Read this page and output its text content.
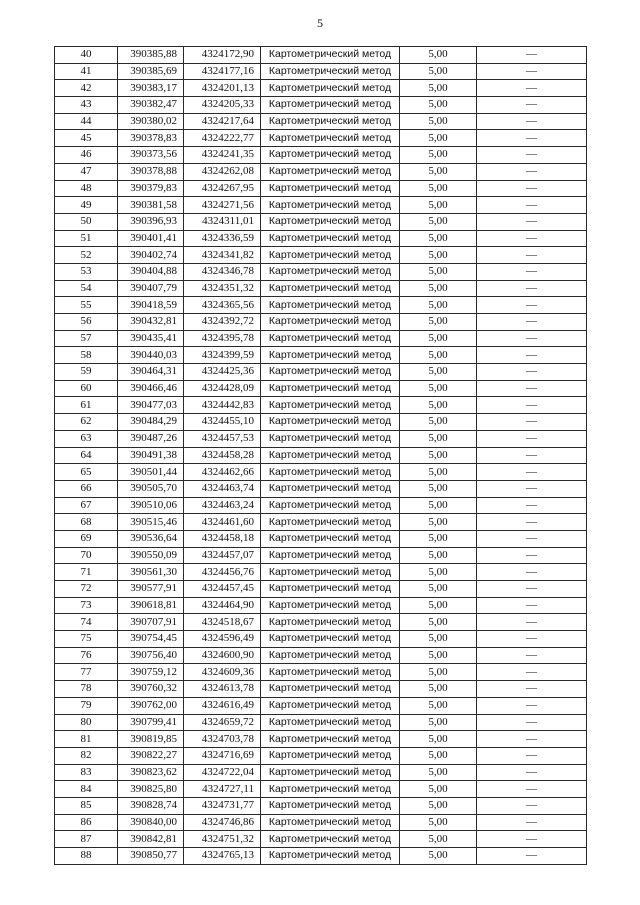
5
40	390385,88	4324172,90	Картометрический метод	5,00	—
41	390385,69	4324177,16	Картометрический метод	5,00	—
42	390383,17	4324201,13	Картометрический метод	5,00	—
43	390382,47	4324205,33	Картометрический метод	5,00	—
44	390380,02	4324217,64	Картометрический метод	5,00	—
45	390378,83	4324222,77	Картометрический метод	5,00	—
46	390373,56	4324241,35	Картометрический метод	5,00	—
47	390378,88	4324262,08	Картометрический метод	5,00	—
48	390379,83	4324267,95	Картометрический метод	5,00	—
49	390381,58	4324271,56	Картометрический метод	5,00	—
50	390396,93	4324311,01	Картометрический метод	5,00	—
51	390401,41	4324336,59	Картометрический метод	5,00	—
52	390402,74	4324341,82	Картометрический метод	5,00	—
53	390404,88	4324346,78	Картометрический метод	5,00	—
54	390407,79	4324351,32	Картометрический метод	5,00	—
55	390418,59	4324365,56	Картометрический метод	5,00	—
56	390432,81	4324392,72	Картометрический метод	5,00	—
57	390435,41	4324395,78	Картометрический метод	5,00	—
58	390440,03	4324399,59	Картометрический метод	5,00	—
59	390464,31	4324425,36	Картометрический метод	5,00	—
60	390466,46	4324428,09	Картометрический метод	5,00	—
61	390477,03	4324442,83	Картометрический метод	5,00	—
62	390484,29	4324455,10	Картометрический метод	5,00	—
63	390487,26	4324457,53	Картометрический метод	5,00	—
64	390491,38	4324458,28	Картометрический метод	5,00	—
65	390501,44	4324462,66	Картометрический метод	5,00	—
66	390505,70	4324463,74	Картометрический метод	5,00	—
67	390510,06	4324463,24	Картометрический метод	5,00	—
68	390515,46	4324461,60	Картометрический метод	5,00	—
69	390536,64	4324458,18	Картометрический метод	5,00	—
70	390550,09	4324457,07	Картометрический метод	5,00	—
71	390561,30	4324456,76	Картометрический метод	5,00	—
72	390577,91	4324457,45	Картометрический метод	5,00	—
73	390618,81	4324464,90	Картометрический метод	5,00	—
74	390707,91	4324518,67	Картометрический метод	5,00	—
75	390754,45	4324596,49	Картометрический метод	5,00	—
76	390756,40	4324600,90	Картометрический метод	5,00	—
77	390759,12	4324609,36	Картометрический метод	5,00	—
78	390760,32	4324613,78	Картометрический метод	5,00	—
79	390762,00	4324616,49	Картометрический метод	5,00	—
80	390799,41	4324659,72	Картометрический метод	5,00	—
81	390819,85	4324703,78	Картометрический метод	5,00	—
82	390822,27	4324716,69	Картометрический метод	5,00	—
83	390823,62	4324722,04	Картометрический метод	5,00	—
84	390825,80	4324727,11	Картометрический метод	5,00	—
85	390828,74	4324731,77	Картометрический метод	5,00	—
86	390840,00	4324746,86	Картометрический метод	5,00	—
87	390842,81	4324751,32	Картометрический метод	5,00	—
88	390850,77	4324765,13	Картометрический метод	5,00	—
